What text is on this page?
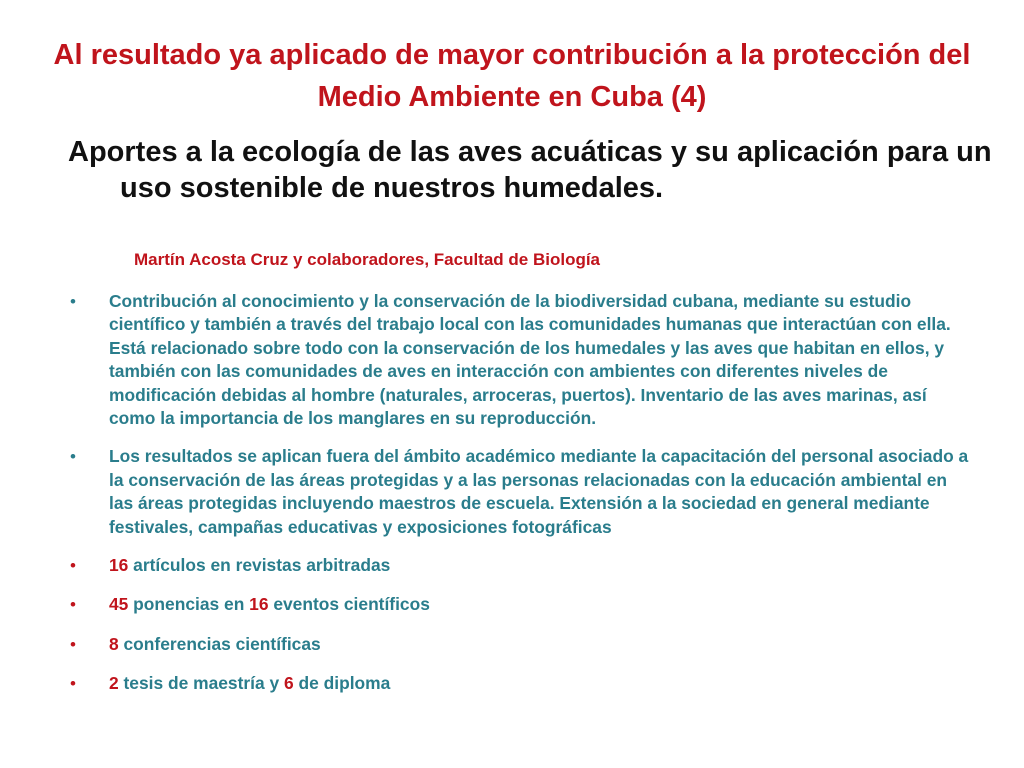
Al resultado ya aplicado de mayor contribución a la protección del Medio Ambiente en Cuba (4)

Aportes a la ecología de las aves acuáticas y su aplicación para un uso sostenible de nuestros humedales.

Martín Acosta Cruz y colaboradores, Facultad de Biología

• Contribución al conocimiento y la conservación de la biodiversidad cubana, mediante su estudio científico y también a través del trabajo local con las comunidades humanas que interactúan con ella. Está relacionado sobre todo con la conservación de los humedales y las aves que habitan en ellos, y también con las comunidades de aves en interacción con ambientes con diferentes niveles de modificación debidas al hombre (naturales, arroceras, puertos). Inventario de las aves marinas, así como la importancia de los manglares en su reproducción.
• Los resultados se aplican fuera del ámbito académico mediante la capacitación del personal asociado a la conservación de las áreas protegidas y a las personas relacionadas con la educación ambiental en las áreas protegidas incluyendo maestros de escuela. Extensión a la sociedad en general mediante festivales, campañas educativas y exposiciones fotográficas
• 16 artículos en revistas arbitradas
• 45 ponencias en 16 eventos científicos
• 8 conferencias científicas
• 2 tesis de maestría y 6 de diploma
